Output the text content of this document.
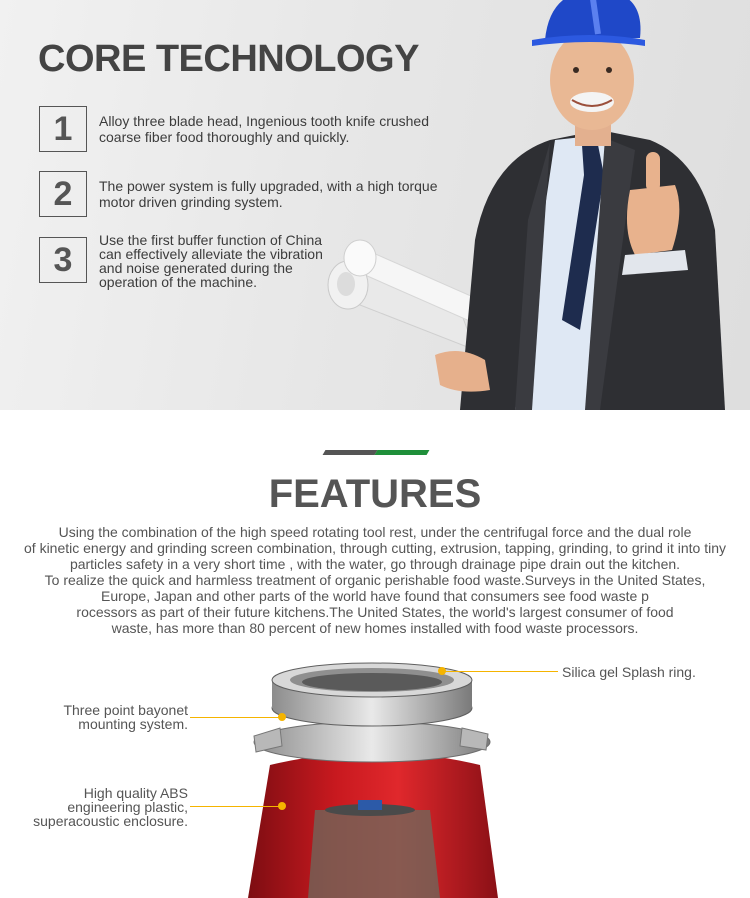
CORE TECHNOLOGY
1	Alloy three blade head, Ingenious tooth knife crushed
coarse fiber food thoroughly and quickly.
2	The power system is fully upgraded, with a high torque
motor driven grinding system.
3
Use the first buffer function of China
can effectively alleviate the vibration
and noise generated during the
operation of the machine.
FEATURES
Using the combination of the high speed rotating tool rest, under the centrifugal force and the dual role
of kinetic energy and grinding screen combination, through cutting, extrusion, tapping, grinding, to grind it into tiny
particles safety in a very short time , with the water, go through drainage pipe drain out the kitchen.
To realize the quick and harmless treatment of organic perishable food waste.Surveys in the United States,
Europe, Japan and other parts of the world have found that consumers see food waste p
rocessors as part of their future kitchens.The United States, the world's largest consumer of food
waste, has more than 80 percent of new homes installed with food waste processors.
Silica gel Splash ring.
Three point bayonet
mounting system.
High quality ABS
engineering plastic,
superacoustic enclosure.
